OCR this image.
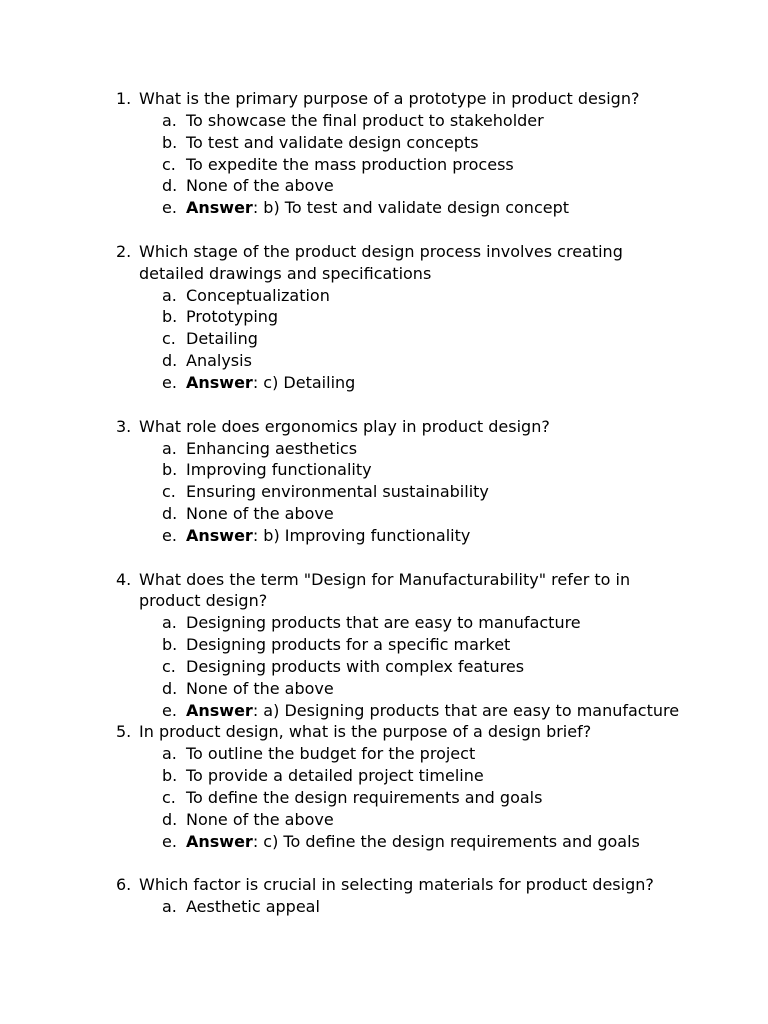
1. What is the primary purpose of a prototype in product design?
a. To showcase the final product to stakeholder
b. To test and validate design concepts
c. To expedite the mass production process
d. None of the above
e. Answer: b) To test and validate design concept
2. Which stage of the product design process involves creating detailed drawings and specifications
a. Conceptualization
b. Prototyping
c. Detailing
d. Analysis
e. Answer: c) Detailing
3. What role does ergonomics play in product design?
a. Enhancing aesthetics
b. Improving functionality
c. Ensuring environmental sustainability
d. None of the above
e. Answer: b) Improving functionality
4. What does the term "Design for Manufacturability" refer to in product design?
a. Designing products that are easy to manufacture
b. Designing products for a specific market
c. Designing products with complex features
d. None of the above
e. Answer: a) Designing products that are easy to manufacture
5. In product design, what is the purpose of a design brief?
a. To outline the budget for the project
b. To provide a detailed project timeline
c. To define the design requirements and goals
d. None of the above
e. Answer: c) To define the design requirements and goals
6. Which factor is crucial in selecting materials for product design?
a. Aesthetic appeal
